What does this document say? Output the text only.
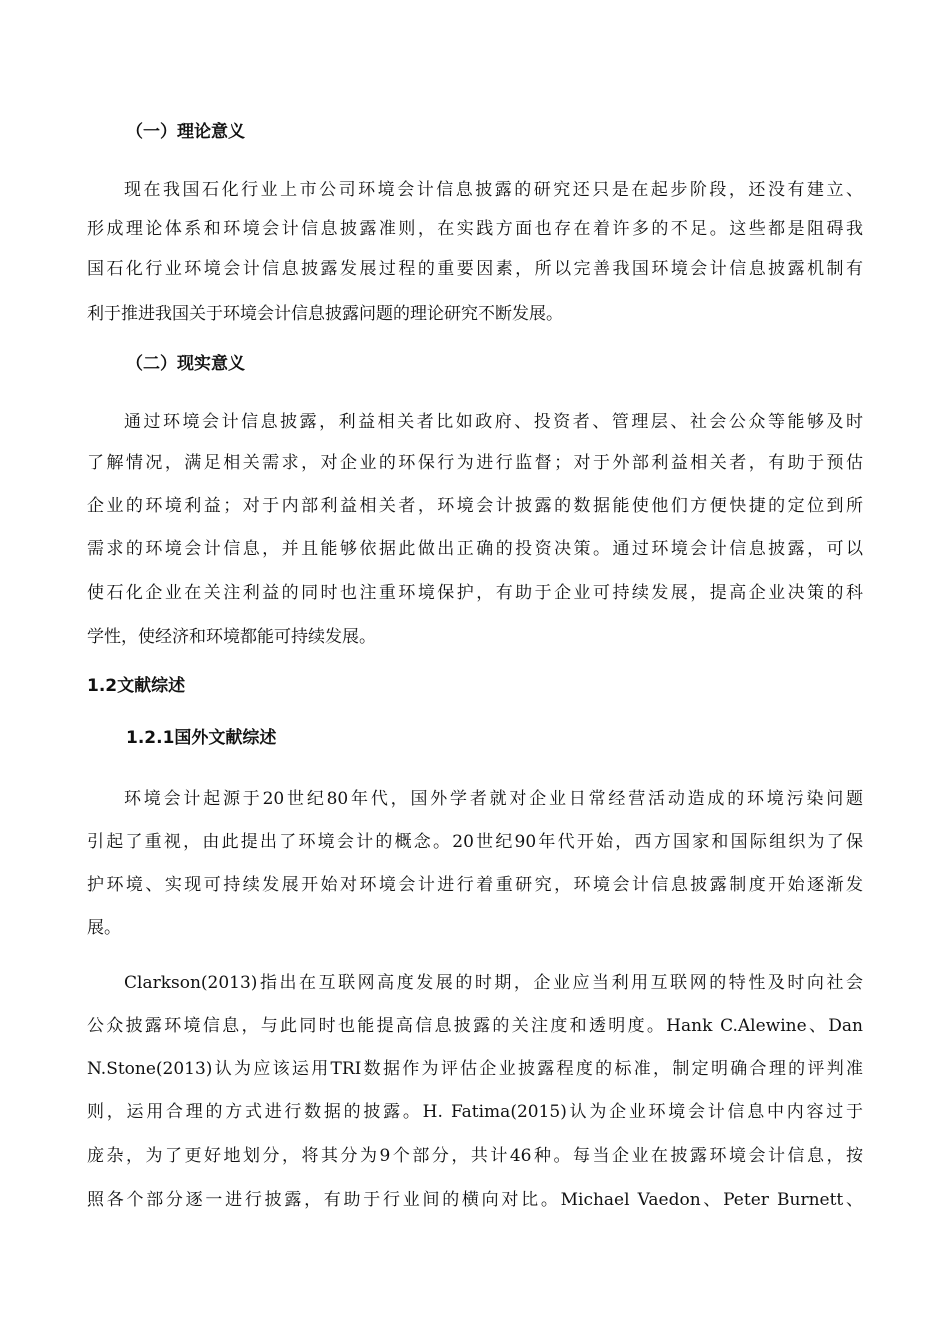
（一）理论意义
现在我国石化行业上市公司环境会计信息披露的研究还只是在起步阶段，还没有建立、
形成理论体系和环境会计信息披露准则，在实践方面也存在着许多的不足。这些都是阻碍我
国石化行业环境会计信息披露发展过程的重要因素，所以完善我国环境会计信息披露机制有
利于推进我国关于环境会计信息披露问题的理论研究不断发展。
（二）现实意义
通过环境会计信息披露，利益相关者比如政府、投资者、管理层、社会公众等能够及时
了解情况，满足相关需求，对企业的环保行为进行监督；对于外部利益相关者，有助于预估
企业的环境利益；对于内部利益相关者，环境会计披露的数据能使他们方便快捷的定位到所
需求的环境会计信息，并且能够依据此做出正确的投资决策。通过环境会计信息披露，可以
使石化企业在关注利益的同时也注重环境保护，有助于企业可持续发展，提高企业决策的科
学性，使经济和环境都能可持续发展。
1.2文献综述
1.2.1国外文献综述
环境会计起源于20世纪80年代，国外学者就对企业日常经营活动造成的环境污染问题
引起了重视，由此提出了环境会计的概念。20世纪90年代开始，西方国家和国际组织为了保
护环境、实现可持续发展开始对环境会计进行着重研究，环境会计信息披露制度开始逐渐发
展。
Clarkson(2013)指出在互联网高度发展的时期，企业应当利用互联网的特性及时向社会
公众披露环境信息，与此同时也能提高信息披露的关注度和透明度。Hank C.Alewine、Dan
N.Stone(2013)认为应该运用TRI数据作为评估企业披露程度的标准，制定明确合理的评判准
则，运用合理的方式进行数据的披露。H. Fatima(2015)认为企业环境会计信息中内容过于
庞杂，为了更好地划分，将其分为9个部分，共计46种。每当企业在披露环境会计信息，按
照各个部分逐一进行披露，有助于行业间的横向对比。Michael Vaedon、Peter Burnett、
